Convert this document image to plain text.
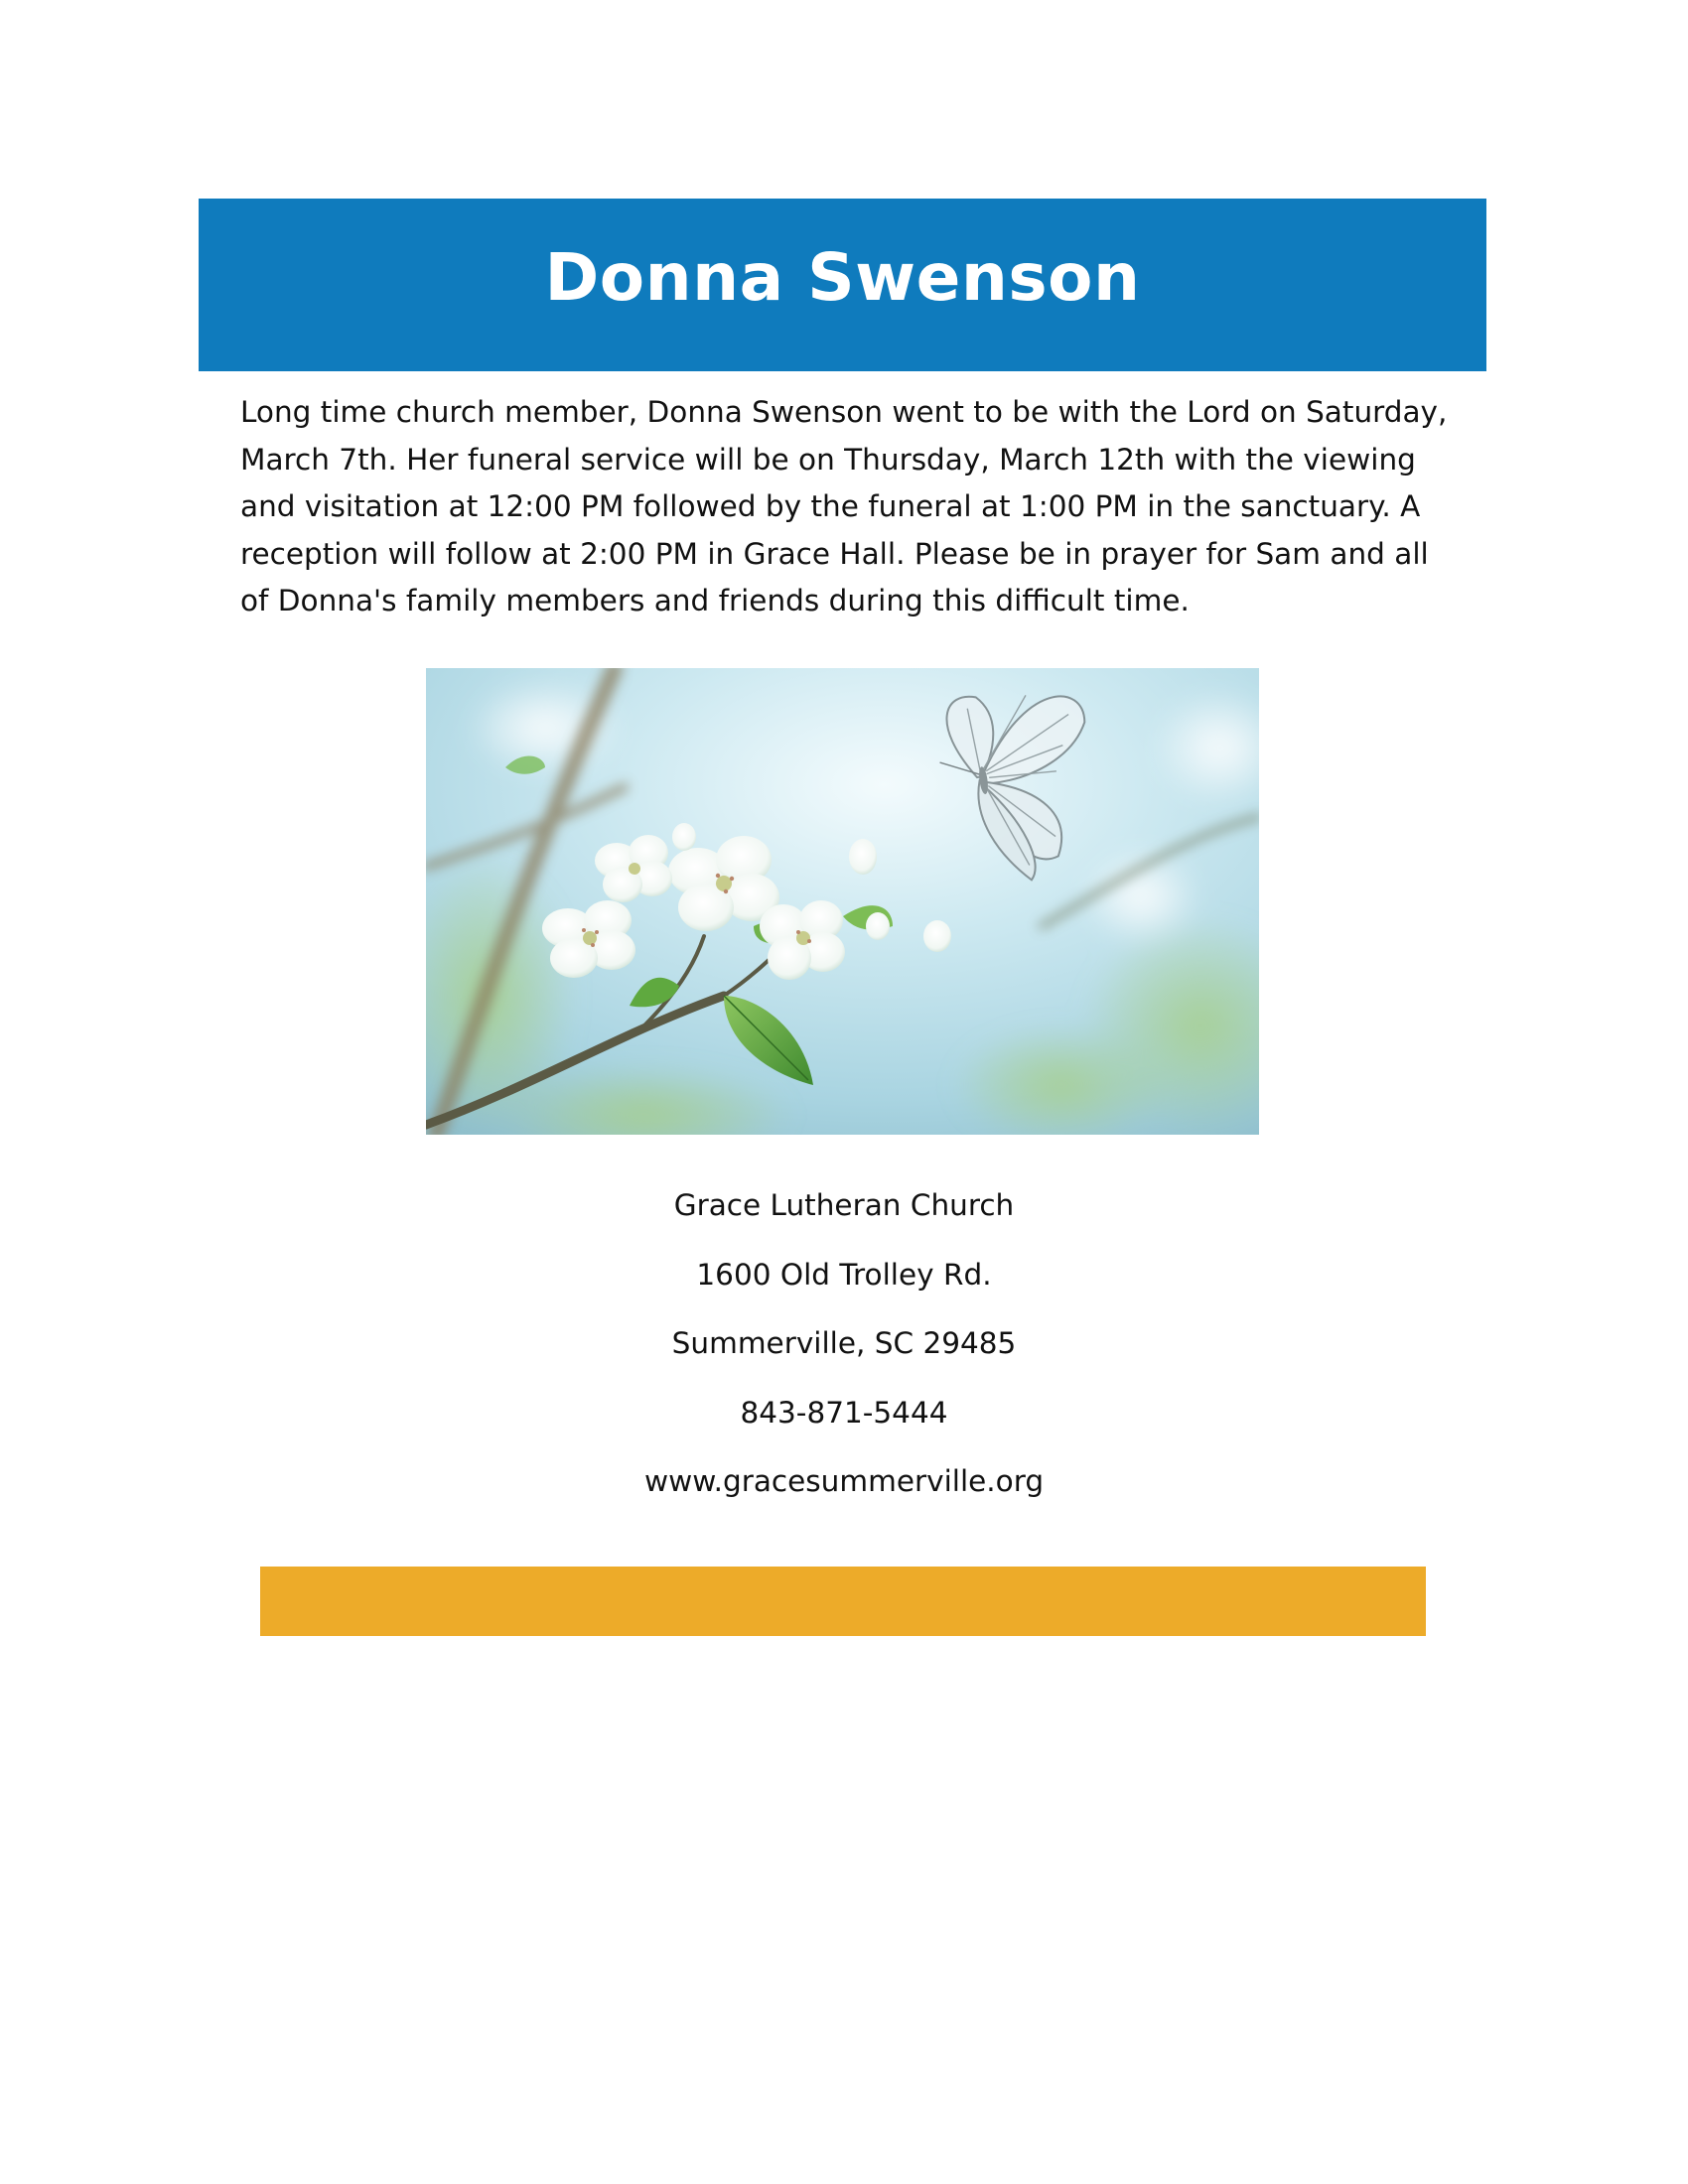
Donna Swenson

Long time church member, Donna Swenson went to be with the Lord on Saturday, March 7th. Her funeral service will be on Thursday, March 12th with the viewing and visitation at 12:00 PM followed by the funeral at 1:00 PM in the sanctuary. A reception will follow at 2:00 PM in Grace Hall. Please be in prayer for Sam and all of Donna's family members and friends during this difficult time.

Grace Lutheran Church
1600 Old Trolley Rd.
Summerville, SC 29485
843-871-5444
www.gracesummerville.org
